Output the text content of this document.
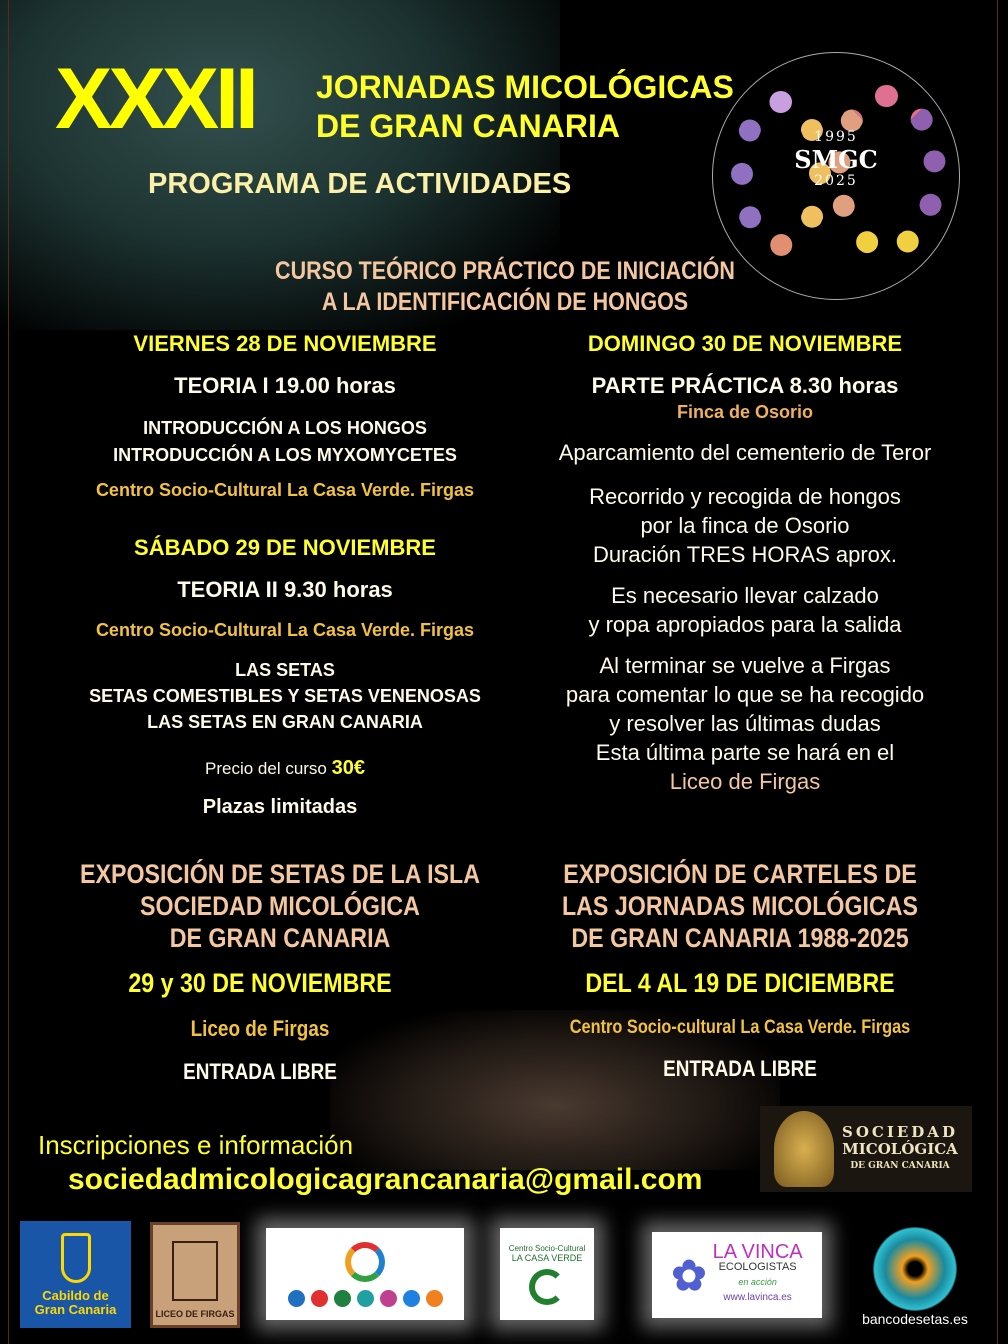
XXXII JORNADAS MICOLÓGICAS
DE GRAN CANARIA
PROGRAMA DE ACTIVIDADES
1995
SMGC
2025
CURSO TEÓRICO PRÁCTICO DE INICIACIÓN
A LA IDENTIFICACIÓN DE HONGOS
VIERNES 28 DE NOVIEMBRE
TEORIA I 19.00 horas
INTRODUCCIÓN A LOS HONGOS
INTRODUCCIÓN A LOS MYXOMYCETES
Centro Socio-Cultural La Casa Verde. Firgas
SÁBADO 29 DE NOVIEMBRE
TEORIA II 9.30 horas
Centro Socio-Cultural La Casa Verde. Firgas
LAS SETAS
SETAS COMESTIBLES Y SETAS VENENOSAS
LAS SETAS EN GRAN CANARIA
Precio del curso 30€
Plazas limitadas
DOMINGO 30 DE NOVIEMBRE
PARTE PRÁCTICA 8.30 horas
Finca de Osorio
Aparcamiento del cementerio de Teror
Recorrido y recogida de hongos
por la finca de Osorio
Duración TRES HORAS aprox.
Es necesario llevar calzado
y ropa apropiados para la salida
Al terminar se vuelve a Firgas
para comentar lo que se ha recogido
y resolver las últimas dudas
Esta última parte se hará en el
Liceo de Firgas
EXPOSICIÓN DE SETAS DE LA ISLA
SOCIEDAD MICOLÓGICA
DE GRAN CANARIA
29 y 30 DE NOVIEMBRE
Liceo de Firgas
ENTRADA LIBRE
EXPOSICIÓN DE CARTELES DE
LAS JORNADAS MICOLÓGICAS
DE GRAN CANARIA 1988-2025
DEL 4 AL 19 DE DICIEMBRE
Centro Socio-cultural La Casa Verde. Firgas
ENTRADA LIBRE
Inscripciones e información
sociedadmicologicagrancanaria@gmail.com
SOCIEDAD
MICOLÓGICA
DE GRAN CANARIA
Cabildo de Gran Canaria	LICEO DE FIRGAS
Centro Socio-Cultural
LA CASA VERDE ✿ LA VINCA
ECOLOGISTAS
en acción
www.lavinca.es
bancodesetas.es
